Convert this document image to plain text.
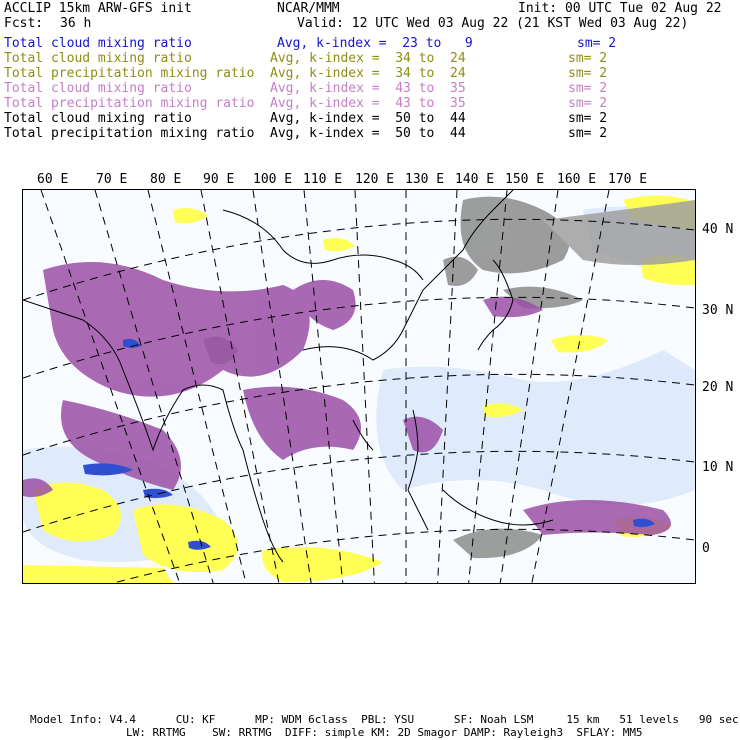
ACCLIP 15km ARW-GFS init	NCAR/MMM	Init: 00 UTC Tue 02 Aug 22
Fcst: 36 h	Valid: 12 UTC Wed 03 Aug 22 (21 KST Wed 03 Aug 22)
Total cloud mixing ratio	Avg, k-index =  23 to   9	sm= 2
Total cloud mixing ratio	Avg, k-index =  34 to  24	sm= 2
Total precipitation mixing ratio Avg, k-index =  34 to  24	sm= 2
Total cloud mixing ratio	Avg, k-index =  43 to  35	sm= 2
Total precipitation mixing ratio Avg, k-index =  43 to  35	sm= 2
Total cloud mixing ratio	Avg, k-index =  50 to  44	sm= 2
Total precipitation mixing ratio Avg, k-index =  50 to  44	sm= 2
60 E 70 E 80 E 90 E 100 E 110 E 120 E 130 E 140 E 150 E 160 E 170 E
40 N
30 N
20 N
10 N
0
Model Info: V4.4      CU: KF      MP: WDM 6class  PBL: YSU      SF: Noah LSM     15 km   51 levels   90 sec
LW: RRTMG    SW: RRTMG  DIFF: simple KM: 2D Smagor DAMP: Rayleigh3  SFLAY: MM5
